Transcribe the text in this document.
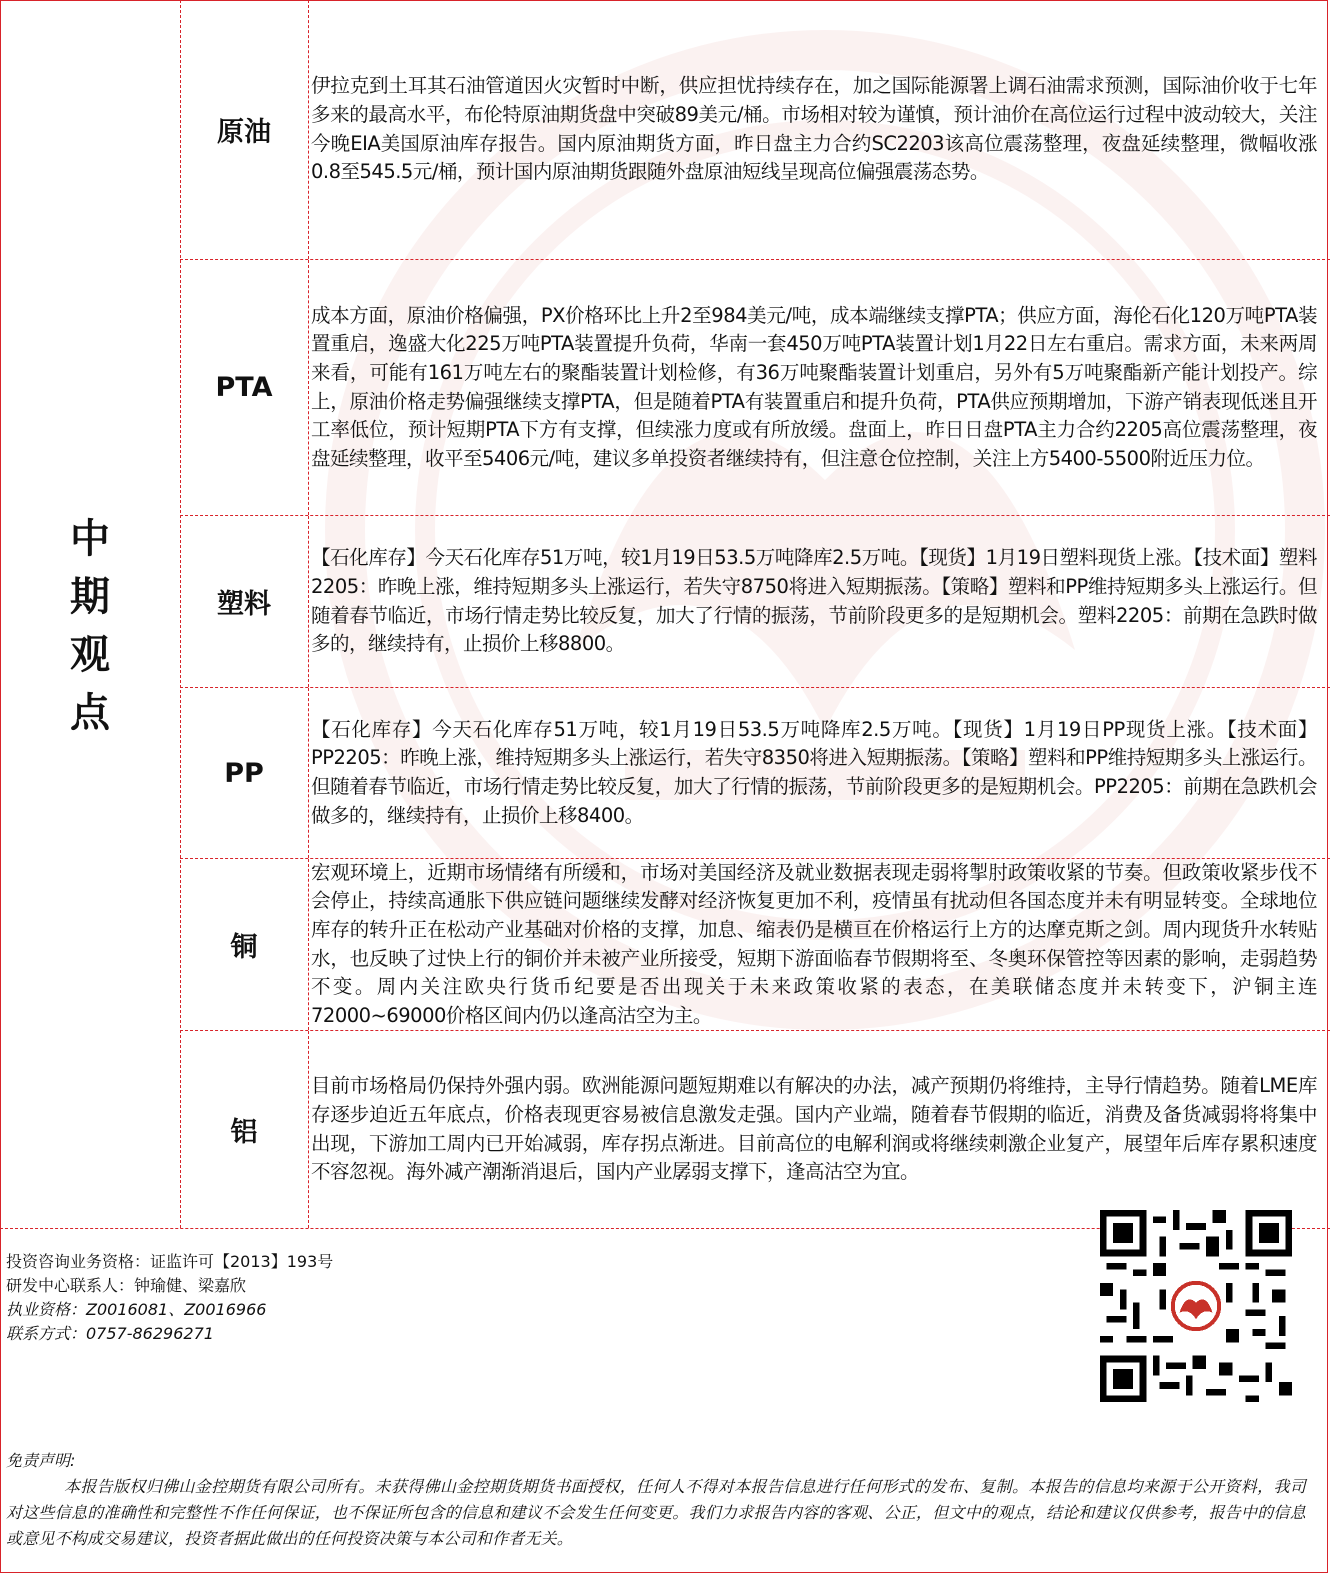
中期观点
原油

伊拉克到土耳其石油管道因火灾暂时中断，供应担忧持续存在，加之国际能源署上调石油需求预测，国际油价收于七年多来的最高水平，布伦特原油期货盘中突破89美元/桶。市场相对较为谨慎，预计油价在高位运行过程中波动较大，关注今晚EIA美国原油库存报告。国内原油期货方面，昨日盘主力合约SC2203该高位震荡整理，夜盘延续整理，微幅收涨0.8至545.5元/桶，预计国内原油期货跟随外盘原油短线呈现高位偏强震荡态势。

PTA

成本方面，原油价格偏强，PX价格环比上升2至984美元/吨，成本端继续支撑PTA；供应方面，海伦石化120万吨PTA装置重启，逸盛大化225万吨PTA装置提升负荷，华南一套450万吨PTA装置计划1月22日左右重启。需求方面，未来两周来看，可能有161万吨左右的聚酯装置计划检修，有36万吨聚酯装置计划重启，另外有5万吨聚酯新产能计划投产。综上，原油价格走势偏强继续支撑PTA，但是随着PTA有装置重启和提升负荷，PTA供应预期增加，下游产销表现低迷且开工率低位，预计短期PTA下方有支撑，但续涨力度或有所放缓。盘面上，昨日日盘PTA主力合约2205高位震荡整理，夜盘延续整理，收平至5406元/吨，建议多单投资者继续持有，但注意仓位控制，关注上方5400-5500附近压力位。

塑料

【石化库存】今天石化库存51万吨，较1月19日53.5万吨降库2.5万吨。【现货】1月19日塑料现货上涨。【技术面】塑料2205：昨晚上涨，维持短期多头上涨运行，若失守8750将进入短期振荡。【策略】塑料和PP维持短期多头上涨运行。但随着春节临近，市场行情走势比较反复，加大了行情的振荡，节前阶段更多的是短期机会。塑料2205：前期在急跌时做多的，继续持有，止损价上移8800。

PP

【石化库存】今天石化库存51万吨，较1月19日53.5万吨降库2.5万吨。【现货】1月19日PP现货上涨。【技术面】PP2205：昨晚上涨，维持短期多头上涨运行，若失守8350将进入短期振荡。【策略】塑料和PP维持短期多头上涨运行。但随着春节临近，市场行情走势比较反复，加大了行情的振荡，节前阶段更多的是短期机会。PP2205：前期在急跌机会做多的，继续持有，止损价上移8400。

铜

宏观环境上，近期市场情绪有所缓和，市场对美国经济及就业数据表现走弱将掣肘政策收紧的节奏。但政策收紧步伐不会停止，持续高通胀下供应链问题继续发酵对经济恢复更加不利，疫情虽有扰动但各国态度并未有明显转变。全球地位库存的转升正在松动产业基础对价格的支撑，加息、缩表仍是横亘在价格运行上方的达摩克斯之剑。周内现货升水转贴水，也反映了过快上行的铜价并未被产业所接受，短期下游面临春节假期将至、冬奥环保管控等因素的影响，走弱趋势不变。周内关注欧央行货币纪要是否出现关于未来政策收紧的表态，在美联储态度并未转变下，沪铜主连72000~69000价格区间内仍以逢高沽空为主。

铝

目前市场格局仍保持外强内弱。欧洲能源问题短期难以有解决的办法，减产预期仍将维持，主导行情趋势。随着LME库存逐步迫近五年底点，价格表现更容易被信息激发走强。国内产业端，随着春节假期的临近，消费及备货减弱将将集中出现，下游加工周内已开始减弱，库存拐点渐进。目前高位的电解利润或将继续刺激企业复产，展望年后库存累积速度不容忽视。海外减产潮渐消退后，国内产业孱弱支撑下，逢高沽空为宜。

投资咨询业务资格：证监许可【2013】193号
研发中心联系人：钟瑜健、梁嘉欣
执业资格：Z0016081、Z0016966
联系方式：0757-86296271
免责声明:

本报告版权归佛山金控期货有限公司所有。未获得佛山金控期货期货书面授权，任何人不得对本报告信息进行任何形式的发布、复制。本报告的信息均来源于公开资料，我司对这些信息的准确性和完整性不作任何保证，也不保证所包含的信息和建议不会发生任何变更。我们力求报告内容的客观、公正，但文中的观点，结论和建议仅供参考，报告中的信息或意见不构成交易建议，投资者据此做出的任何投资决策与本公司和作者无关。
